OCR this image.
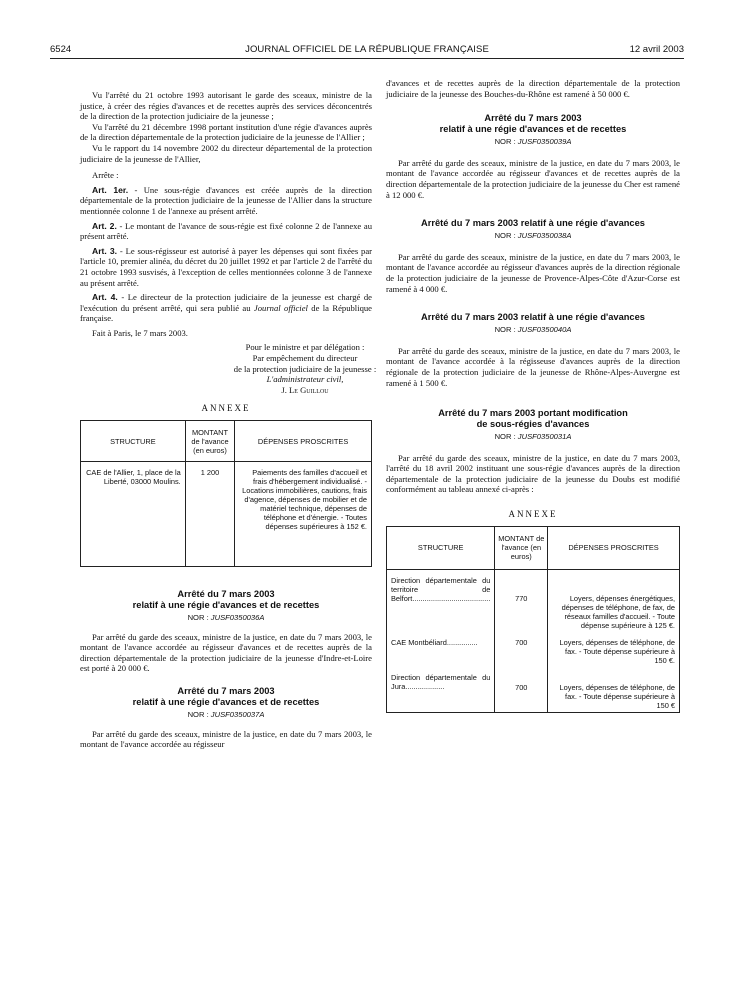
6524	JOURNAL OFFICIEL DE LA RÉPUBLIQUE FRANÇAISE	12 avril 2003

Vu l'arrêté du 21 octobre 1993 autorisant le garde des sceaux, ministre de la justice, à créer des régies d'avances et de recettes auprès des services déconcentrés de la direction de la protection judiciaire de la jeunesse ;

Vu l'arrêté du 21 décembre 1998 portant institution d'une régie d'avances auprès de la direction départementale de la protection judiciaire de la jeunesse de l'Allier ;

Vu le rapport du 14 novembre 2002 du directeur départemental de la protection judiciaire de la jeunesse de l'Allier,

Arrête :

Art. 1er. - Une sous-régie d'avances est créée auprès de la direction départementale de la protection judiciaire de la jeunesse de l'Allier dans la structure mentionnée colonne 1 de l'annexe au présent arrêté.

Art. 2. - Le montant de l'avance de sous-régie est fixé colonne 2 de l'annexe au présent arrêté.

Art. 3. - Le sous-régisseur est autorisé à payer les dépenses qui sont fixées par l'article 10, premier alinéa, du décret du 20 juillet 1992 et par l'article 2 de l'arrêté du 21 octobre 1993 susvisés, à l'exception de celles mentionnées colonne 3 de l'annexe au présent arrêté.

Art. 4. - Le directeur de la protection judiciaire de la jeunesse est chargé de l'exécution du présent arrêté, qui sera publié au Journal officiel de la République française.

Fait à Paris, le 7 mars 2003.

Pour le ministre et par délégation :

Par empêchement du directeur

de la protection judiciaire de la jeunesse :

L'administrateur civil,

J. Le Guillou

ANNEXE

STRUCTURE	MONTANT de l'avance (en euros)	DÉPENSES PROSCRITES
CAE de l'Allier, 1, place de la Liberté, 03000 Moulins.	1 200	Paiements des familles d'accueil et frais d'hébergement individualisé. - Locations immobilières, cautions, frais d'agence, dépenses de mobilier et de matériel technique, dépenses de téléphone et d'énergie. - Toutes dépenses supérieures à 152 €.

Arrêté du 7 mars 2003

relatif à une régie d'avances et de recettes

NOR : JUSF0350036A

Par arrêté du garde des sceaux, ministre de la justice, en date du 7 mars 2003, le montant de l'avance accordée au régisseur d'avances et de recettes auprès de la direction départementale de la protection judiciaire de la jeunesse d'Indre-et-Loire est porté à 20 000 €.

Arrêté du 7 mars 2003

relatif à une régie d'avances et de recettes

NOR : JUSF0350037A

Par arrêté du garde des sceaux, ministre de la justice, en date du 7 mars 2003, le montant de l'avance accordée au régisseur

d'avances et de recettes auprès de la direction départementale de la protection judiciaire de la jeunesse des Bouches-du-Rhône est ramené à 50 000 €.

Arrêté du 7 mars 2003

relatif à une régie d'avances et de recettes

NOR : JUSF0350039A

Par arrêté du garde des sceaux, ministre de la justice, en date du 7 mars 2003, le montant de l'avance accordée au régisseur d'avances et de recettes auprès de la direction départementale de la protection judiciaire de la jeunesse du Cher est ramené à 12 000 €.

Arrêté du 7 mars 2003 relatif à une régie d'avances

NOR : JUSF0350038A

Par arrêté du garde des sceaux, ministre de la justice, en date du 7 mars 2003, le montant de l'avance accordée au régisseur d'avances auprès de la direction régionale de la protection judiciaire de la jeunesse de Provence-Alpes-Côte d'Azur-Corse est ramené à 4 000 €.

Arrêté du 7 mars 2003 relatif à une régie d'avances

NOR : JUSF0350040A

Par arrêté du garde des sceaux, ministre de la justice, en date du 7 mars 2003, le montant de l'avance accordée à la régisseuse d'avances auprès de la direction régionale de la protection judiciaire de la jeunesse de Rhône-Alpes-Auvergne est ramené à 1 500 €.

Arrêté du 7 mars 2003 portant modification

de sous-régies d'avances

NOR : JUSF0350031A

Par arrêté du garde des sceaux, ministre de la justice, en date du 7 mars 2003, l'arrêté du 18 avril 2002 instituant une sous-régie d'avances auprès de la direction départementale de la protection judiciaire de la jeunesse du Doubs est modifié conformément au tableau annexé ci-après :

ANNEXE

STRUCTURE	MONTANT de l'avance (en euros)	DÉPENSES PROSCRITES
Direction départementale du territoire de Belfort......................................	770	Loyers, dépenses énergétiques, dépenses de téléphone, de fax, de réseaux familles d'accueil. - Toute dépense supérieure à 125 €.
CAE Montbéliard...............	700	Loyers, dépenses de téléphone, de fax. - Toute dépense supérieure à 150 €.
Direction départementale du Jura...................	700	Loyers, dépenses de téléphone, de fax. - Toute dépense supérieure à 150 €
